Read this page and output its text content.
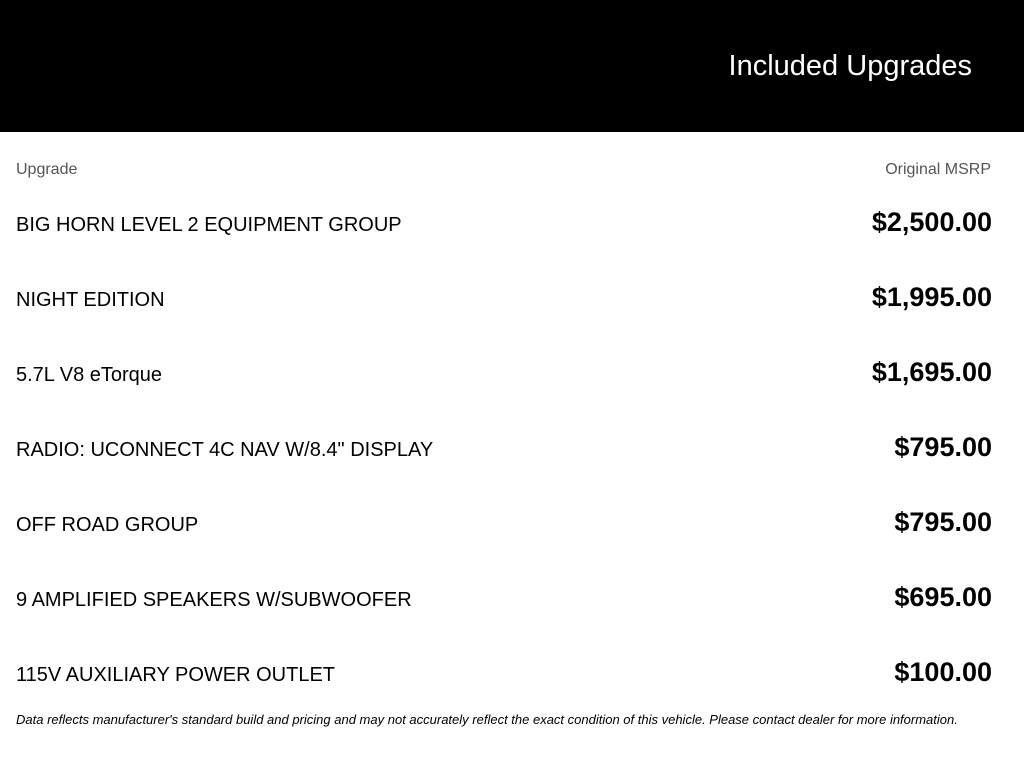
Included Upgrades
Upgrade	Original MSRP
BIG HORN LEVEL 2 EQUIPMENT GROUP	$2,500.00
NIGHT EDITION	$1,995.00
5.7L V8 eTorque	$1,695.00
RADIO: UCONNECT 4C NAV W/8.4" DISPLAY	$795.00
OFF ROAD GROUP	$795.00
9 AMPLIFIED SPEAKERS W/SUBWOOFER	$695.00
115V AUXILIARY POWER OUTLET	$100.00
Data reflects manufacturer's standard build and pricing and may not accurately reflect the exact condition of this vehicle. Please contact dealer for more information.
